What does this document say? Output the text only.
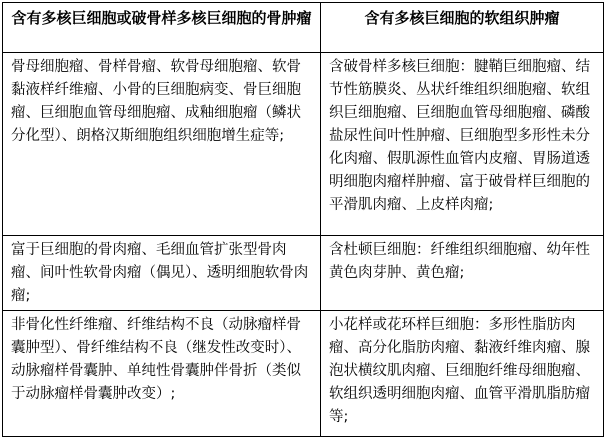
含有多核巨细胞或破骨样多核巨细胞的骨肿瘤	含有多核巨细胞的软组织肿瘤
骨母细胞瘤、骨样骨瘤、软骨母细胞瘤、软骨黏液样纤维瘤、小骨的巨细胞病变、骨巨细胞瘤、巨细胞血管母细胞瘤、成釉细胞瘤（鳞状分化型）、朗格汉斯细胞组织细胞增生症等;	含破骨样多核巨细胞：腱鞘巨细胞瘤、结节性筋膜炎、丛状纤维组织细胞瘤、软组织巨细胞瘤、巨细胞血管母细胞瘤、磷酸盐尿性间叶性肿瘤、巨细胞型多形性未分化肉瘤、假肌源性血管内皮瘤、胃肠道透明细胞肉瘤样肿瘤、富于破骨样巨细胞的平滑肌肉瘤、上皮样肉瘤;
富于巨细胞的骨肉瘤、毛细血管扩张型骨肉瘤、间叶性软骨肉瘤（偶见）、透明细胞软骨肉瘤;	含杜顿巨细胞：纤维组织细胞瘤、幼年性黄色肉芽肿、黄色瘤;
非骨化性纤维瘤、纤维结构不良（动脉瘤样骨囊肿型）、骨纤维结构不良（继发性改变时）、动脉瘤样骨囊肿、单纯性骨囊肿伴骨折（类似于动脉瘤样骨囊肿改变）;	小花样或花环样巨细胞：多形性脂肪肉瘤、高分化脂肪肉瘤、黏液纤维肉瘤、腺泡状横纹肌肉瘤、巨细胞纤维母细胞瘤、软组织透明细胞肉瘤、血管平滑肌脂肪瘤等;
